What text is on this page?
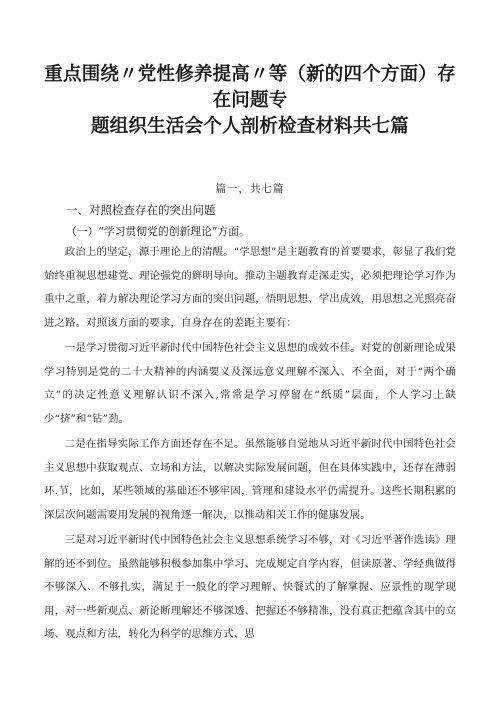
重点围绕〃党性修养提高〃等（新的四个方面）存在问题专
题组织生活会个人剖析检查材料共七篇

篇一，共七篇

一、对照检查存在的突出问题

（一）“学习贯彻党的创新理论”方面。

政治上的坚定，源于理论上的清醒。“学思想”是主题教育的首要要求，彰显了我们党始终重视思想建党、理论强党的鲜明导向。推动主题教育走深走实，必须把理论学习作为重中之重，着力解决理论学习方面的突出问题，悟明思想、学出成效，用思想之光照亮奋进之路。对照该方面的要求，自身存在的差距主要有：

一是学习贯彻习近平新时代中国特色社会主义思想的成效不佳。对党的创新理论成果学习特别是党的二十大精神的内涵要义及深远意义理解不深入、不全面，对于“两个确立”的决定性意义理解认识不深入,常常是学习停留在“纸质”层面，个人学习上缺少“挤”和“钻”劲。

二是在指导实际工作方面还存在不足。虽然能够自觉地从习近平新时代中国特色社会主义思想中获取观点、立场和方法，以解决实际发展问题，但在具体实践中，还存在薄弱环.节，比如，某些领域的基础还不够牢固，管理和建设水平仍需提升。这些长期积累的深层次问题需要用发展的视角逐一解决，以推动相关工作的健康发展。

三是对习近平新时代中国特色社会主义思想系统学习不够，对《习近平著作选读》理解的还不到位。虽然能够积极参加集中学习、完成规定自学内容，但读原著、学经典做得不够深入、不够扎实，满足于一般化的学习理解、快餐式的了解掌握、应景性的现学现用，对一些新观点、新论断理解还不够深透、把握还不够精准，没有真正把蕴含其中的立场、观点和方法，转化为科学的思维方式、思
